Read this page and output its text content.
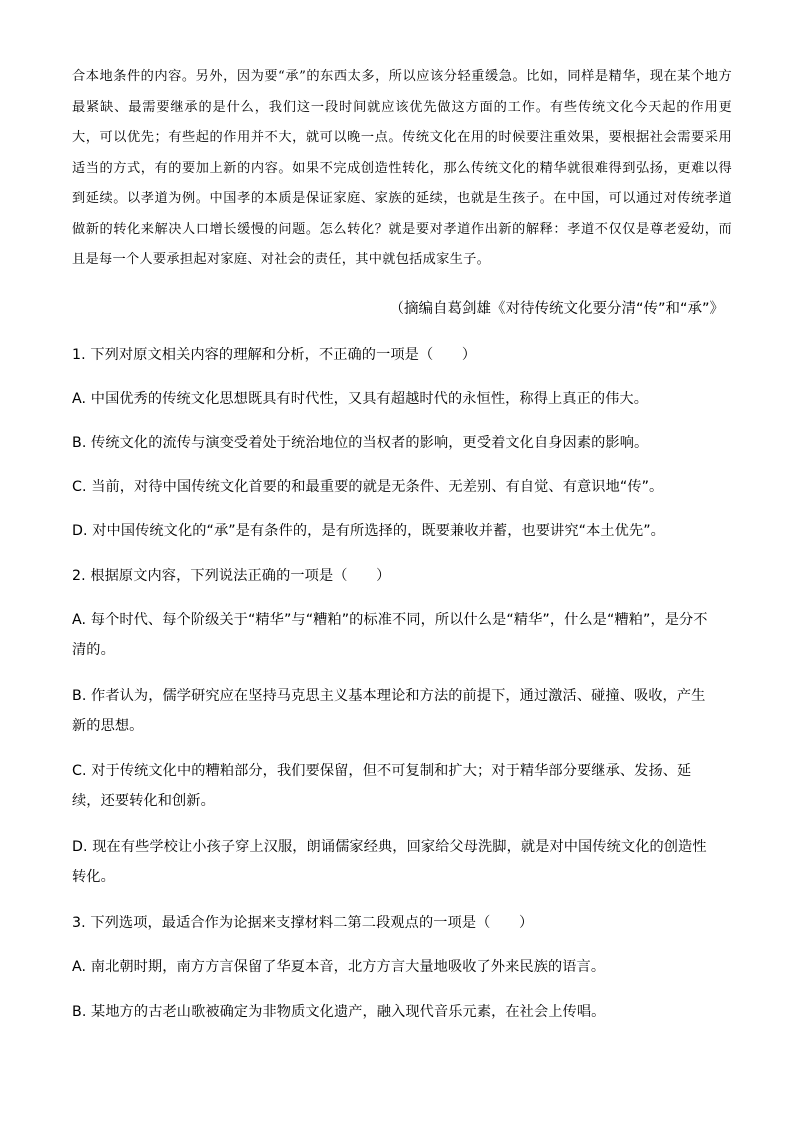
合本地条件的内容。另外，因为要“承”的东西太多，所以应该分轻重缓急。比如，同样是精华，现在某个地方最紧缺、最需要继承的是什么，我们这一段时间就应该优先做这方面的工作。有些传统文化今天起的作用更大，可以优先；有些起的作用并不大，就可以晚一点。传统文化在用的时候要注重效果，要根据社会需要采用适当的方式，有的要加上新的内容。如果不完成创造性转化，那么传统文化的精华就很难得到弘扬，更难以得到延续。以孝道为例。中国孝的本质是保证家庭、家族的延续，也就是生孩子。在中国，可以通过对传统孝道做新的转化来解决人口增长缓慢的问题。怎么转化？就是要对孝道作出新的解释：孝道不仅仅是尊老爱幼，而且是每一个人要承担起对家庭、对社会的责任，其中就包括成家生子。

（摘编自葛剑雄《对待传统文化要分清“传”和“承”》

1. 下列对原文相关内容的理解和分析，不正确的一项是（　　）

A. 中国优秀的传统文化思想既具有时代性，又具有超越时代的永恒性，称得上真正的伟大。

B. 传统文化的流传与演变受着处于统治地位的当权者的影响，更受着文化自身因素的影响。

C. 当前，对待中国传统文化首要的和最重要的就是无条件、无差别、有自觉、有意识地“传”。

D. 对中国传统文化的“承”是有条件的，是有所选择的，既要兼收并蓄，也要讲究“本土优先”。

2. 根据原文内容，下列说法正确的一项是（　　）

A. 每个时代、每个阶级关于“精华”与“糟粕”的标准不同，所以什么是“精华”，什么是“糟粕”，是分不清的。

B. 作者认为，儒学研究应在坚持马克思主义基本理论和方法的前提下，通过激活、碰撞、吸收，产生新的思想。

C. 对于传统文化中的糟粕部分，我们要保留，但不可复制和扩大；对于精华部分要继承、发扬、延续，还要转化和创新。

D. 现在有些学校让小孩子穿上汉服，朗诵儒家经典，回家给父母洗脚，就是对中国传统文化的创造性转化。

3. 下列选项，最适合作为论据来支撑材料二第二段观点的一项是（　　）

A. 南北朝时期，南方方言保留了华夏本音，北方方言大量地吸收了外来民族的语言。

B. 某地方的古老山歌被确定为非物质文化遗产，融入现代音乐元素，在社会上传唱。
